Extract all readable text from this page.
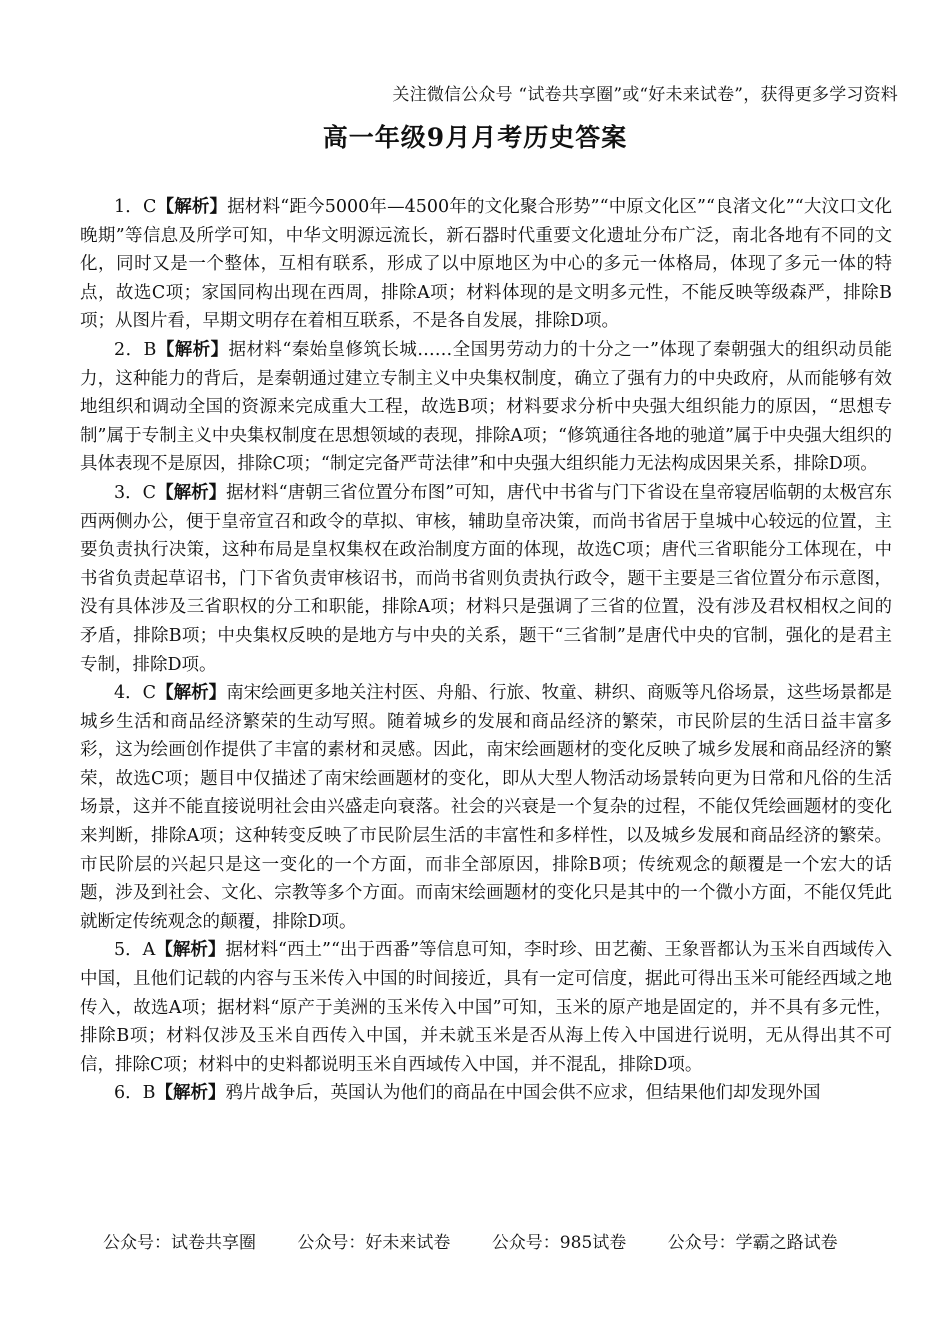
关注微信公众号 “试卷共享圈”或“好未来试卷”，获得更多学习资料
高一年级9月月考历史答案

1．C【解析】据材料“距今5000年—4500年的文化聚合形势”“中原文化区”“良渚文化”“大汶口文化晚期”等信息及所学可知，中华文明源远流长，新石器时代重要文化遗址分布广泛，南北各地有不同的文化，同时又是一个整体，互相有联系，形成了以中原地区为中心的多元一体格局，体现了多元一体的特点，故选C项；家国同构出现在西周，排除A项；材料体现的是文明多元性，不能反映等级森严，排除B项；从图片看，早期文明存在着相互联系，不是各自发展，排除D项。

2．B【解析】据材料“秦始皇修筑长城……全国男劳动力的十分之一”体现了秦朝强大的组织动员能力，这种能力的背后，是秦朝通过建立专制主义中央集权制度，确立了强有力的中央政府，从而能够有效地组织和调动全国的资源来完成重大工程，故选B项；材料要求分析中央强大组织能力的原因，“思想专制”属于专制主义中央集权制度在思想领域的表现，排除A项；“修筑通往各地的驰道”属于中央强大组织的具体表现不是原因，排除C项；“制定完备严苛法律”和中央强大组织能力无法构成因果关系，排除D项。

3．C【解析】据材料“唐朝三省位置分布图”可知，唐代中书省与门下省设在皇帝寝居临朝的太极宫东西两侧办公，便于皇帝宣召和政令的草拟、审核，辅助皇帝决策，而尚书省居于皇城中心较远的位置，主要负责执行决策，这种布局是皇权集权在政治制度方面的体现，故选C项；唐代三省职能分工体现在，中书省负责起草诏书，门下省负责审核诏书，而尚书省则负责执行政令，题干主要是三省位置分布示意图，没有具体涉及三省职权的分工和职能，排除A项；材料只是强调了三省的位置，没有涉及君权相权之间的矛盾，排除B项；中央集权反映的是地方与中央的关系，题干“三省制”是唐代中央的官制，强化的是君主专制，排除D项。

4．C【解析】南宋绘画更多地关注村医、舟船、行旅、牧童、耕织、商贩等凡俗场景，这些场景都是城乡生活和商品经济繁荣的生动写照。随着城乡的发展和商品经济的繁荣，市民阶层的生活日益丰富多彩，这为绘画创作提供了丰富的素材和灵感。因此，南宋绘画题材的变化反映了城乡发展和商品经济的繁荣，故选C项；题目中仅描述了南宋绘画题材的变化，即从大型人物活动场景转向更为日常和凡俗的生活场景，这并不能直接说明社会由兴盛走向衰落。社会的兴衰是一个复杂的过程，不能仅凭绘画题材的变化来判断，排除A项；这种转变反映了市民阶层生活的丰富性和多样性，以及城乡发展和商品经济的繁荣。市民阶层的兴起只是这一变化的一个方面，而非全部原因，排除B项；传统观念的颠覆是一个宏大的话题，涉及到社会、文化、宗教等多个方面。而南宋绘画题材的变化只是其中的一个微小方面，不能仅凭此就断定传统观念的颠覆，排除D项。

5．A【解析】据材料“西土”“出于西番”等信息可知，李时珍、田艺蘅、王象晋都认为玉米自西域传入中国，且他们记载的内容与玉米传入中国的时间接近，具有一定可信度，据此可得出玉米可能经西域之地传入，故选A项；据材料“原产于美洲的玉米传入中国”可知，玉米的原产地是固定的，并不具有多元性，排除B项；材料仅涉及玉米自西传入中国，并未就玉米是否从海上传入中国进行说明，无从得出其不可信，排除C项；材料中的史料都说明玉米自西域传入中国，并不混乱，排除D项。

6．B【解析】鸦片战争后，英国认为他们的商品在中国会供不应求，但结果他们却发现外国

公众号：试卷共享圈 公众号：好未来试卷 公众号：985试卷 公众号：学霸之路试卷
